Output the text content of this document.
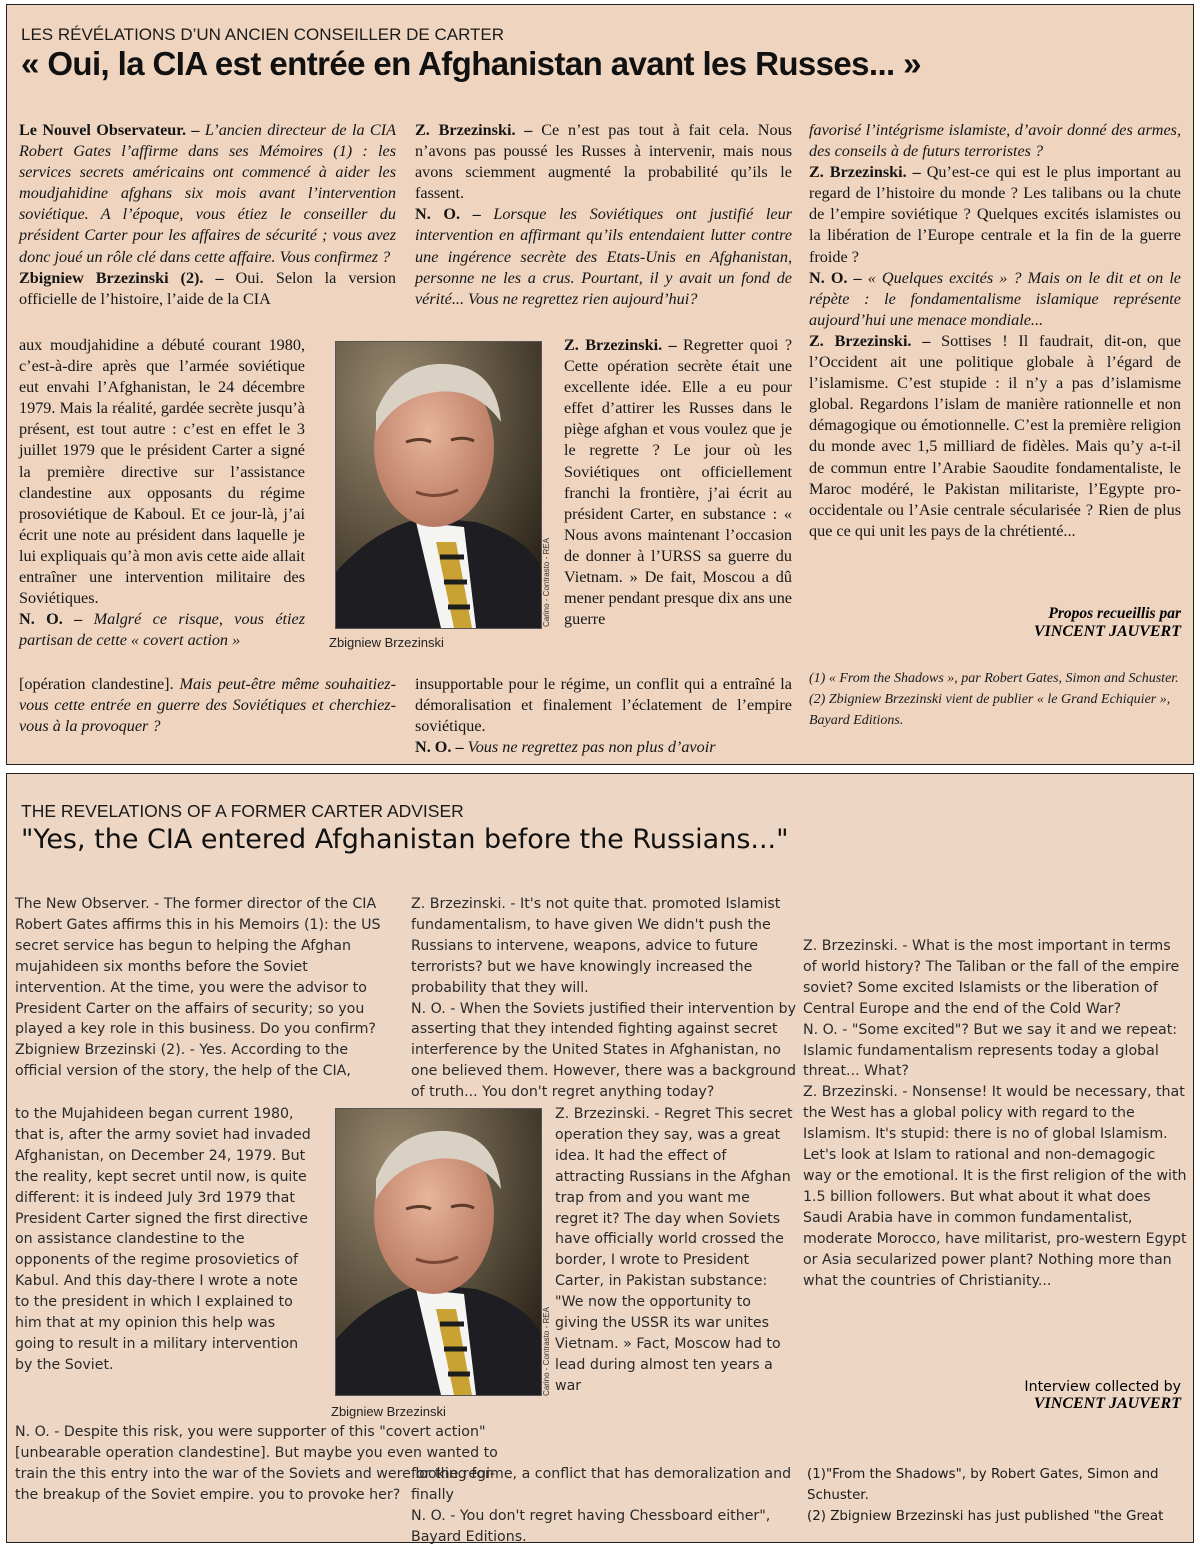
LES RÉVÉLATIONS D’UN ANCIEN CONSEILLER DE CARTER
« Oui, la CIA est entrée en Afghanistan avant les Russes... »

Le Nouvel Observateur. – L’ancien directeur de la CIA Robert Gates l’affirme dans ses Mémoires (1) : les services secrets américains ont commencé à aider les moudjahidine afghans six mois avant l’intervention soviétique. A l’époque, vous étiez le conseiller du président Carter pour les affaires de sécurité ; vous avez donc joué un rôle clé dans cette affaire. Vous confirmez ?

Zbigniew Brzezinski (2). – Oui. Selon la version officielle de l’histoire, l’aide de la CIA

aux moudjahidine a débuté courant 1980, c’est-à-dire après que l’armée soviétique eut envahi l’Afghanistan, le 24 décembre 1979. Mais la réalité, gardée secrète jusqu’à présent, est tout autre : c’est en effet le 3 juillet 1979 que le président Carter a signé la première directive sur l’assistance clandestine aux opposants du régime prosoviétique de Kaboul. Et ce jour-là, j’ai écrit une note au président dans laquelle je lui expliquais qu’à mon avis cette aide allait entraîner une intervention militaire des Soviétiques.

N. O. – Malgré ce risque, vous étiez partisan de cette « covert action »

[opération clandestine]. Mais peut-être même souhaitiez-vous cette entrée en guerre des Soviétiques et cherchiez-vous à la provoquer ?

Carino - Contrasto - REA
Zbigniew Brzezinski

Z. Brzezinski. – Ce n’est pas tout à fait cela. Nous n’avons pas poussé les Russes à intervenir, mais nous avons sciemment augmenté la probabilité qu’ils le fassent.

N. O. – Lorsque les Soviétiques ont justifié leur intervention en affirmant qu’ils entendaient lutter contre une ingérence secrète des Etats-Unis en Afghanistan, personne ne les a crus. Pourtant, il y avait un fond de vérité... Vous ne regrettez rien aujourd’hui?

Z. Brzezinski. – Regretter quoi ? Cette opération secrète était une excellente idée. Elle a eu pour effet d’attirer les Russes dans le piège afghan et vous voulez que je le regrette ? Le jour où les Soviétiques ont officiellement franchi la frontière, j’ai écrit au président Carter, en substance : « Nous avons maintenant l’occasion de donner à l’URSS sa guerre du Vietnam. » De fait, Moscou a dû mener pendant presque dix ans une guerre

insupportable pour le régime, un conflit qui a entraîné la démoralisation et finalement l’éclatement de l’empire soviétique.

N. O. – Vous ne regrettez pas non plus d’avoir

favorisé l’intégrisme islamiste, d’avoir donné des armes, des conseils à de futurs terroristes ?

Z. Brzezinski. – Qu’est-ce qui est le plus important au regard de l’histoire du monde ? Les talibans ou la chute de l’empire soviétique ? Quelques excités islamistes ou la libération de l’Europe centrale et la fin de la guerre froide ?

N. O. – « Quelques excités » ? Mais on le dit et on le répète : le fondamentalisme islamique représente aujourd’hui une menace mondiale...

Z. Brzezinski. – Sottises ! Il faudrait, dit-on, que l’Occident ait une politique globale à l’égard de l’islamisme. C’est stupide : il n’y a pas d’islamisme global. Regardons l’islam de manière rationnelle et non démagogique ou émotionnelle. C’est la première religion du monde avec 1,5 milliard de fidèles. Mais qu’y a-t-il de commun entre l’Arabie Saoudite fondamentaliste, le Maroc modéré, le Pakistan militariste, l’Egypte pro-occidentale ou l’Asie centrale sécularisée ? Rien de plus que ce qui unit les pays de la chrétienté...

Propos recueillis par
VINCENT JAUVERT
(1) « From the Shadows », par Robert Gates, Simon and Schuster.
(2) Zbigniew Brzezinski vient de publier « le Grand Echiquier », Bayard Editions.
THE REVELATIONS OF A FORMER CARTER ADVISER
"Yes, the CIA entered Afghanistan before the Russians..."

The New Observer. - The former director of the CIA Robert Gates affirms this in his Memoirs (1): the US secret service has begun to helping the Afghan mujahideen six months before the Soviet intervention. At the time, you were the advisor to President Carter on the affairs of security; so you played a key role in this business. Do you confirm?

Zbigniew Brzezinski (2). - Yes. According to the official version of the story, the help of the CIA,

to the Mujahideen began current 1980, that is, after the army soviet had invaded Afghanistan, on December 24, 1979. But the reality, kept secret until now, is quite different: it is indeed July 3rd 1979 that President Carter signed the first directive on assistance clandestine to the opponents of the regime prosovietics of Kabul. And this day-there I wrote a note to the president in which I explained to him that at my opinion this help was going to result in a military intervention by the Soviet.

N. O. - Despite this risk, you were supporter of this "covert action" [unbearable operation clandestine]. But maybe you even wanted to train the this entry into the war of the Soviets and were looking for- the breakup of the Soviet empire. you to provoke her?

Carino - Contrasto - REA
Zbigniew Brzezinski

Z. Brzezinski. - It's not quite that. promoted Islamist fundamentalism, to have given We didn't push the Russians to intervene, weapons, advice to future terrorists? but we have knowingly increased the probability that they will.

N. O. - When the Soviets justified their intervention by asserting that they intended fighting against secret interference by the United States in Afghanistan, no one believed them. However, there was a background of truth... You don't regret anything today?

Z. Brzezinski. - Regret This secret operation they say, was a great idea. It had the effect of attracting Russians in the Afghan trap from and you want me regret it? The day when Soviets have officially world crossed the border, I wrote to President Carter, in Pakistan substance: "We now the opportunity to giving the USSR its war unites Vietnam. » Fact, Moscow had to lead during almost ten years a war

for the regime, a conflict that has demoralization and finally

N. O. - You don't regret having Chessboard either", Bayard Editions.

Z. Brzezinski. - What is the most important in terms of world history? The Taliban or the fall of the empire soviet? Some excited Islamists or the liberation of Central Europe and the end of the Cold War?

N. O. - "Some excited"? But we say it and we repeat: Islamic fundamentalism represents today a global threat... What?

Z. Brzezinski. - Nonsense! It would be necessary, that the West has a global policy with regard to the Islamism. It's stupid: there is no of global Islamism. Let's look at Islam to rational and non-demagogic way or the emotional. It is the first religion of the with 1.5 billion followers. But what about it what does Saudi Arabia have in common fundamentalist, moderate Morocco, have militarist, pro-western Egypt or Asia secularized power plant? Nothing more than what the countries of Christianity...

Interview collected by
VINCENT JAUVERT
(1)"From the Shadows", by Robert Gates, Simon and Schuster.
(2) Zbigniew Brzezinski has just published "the Great
